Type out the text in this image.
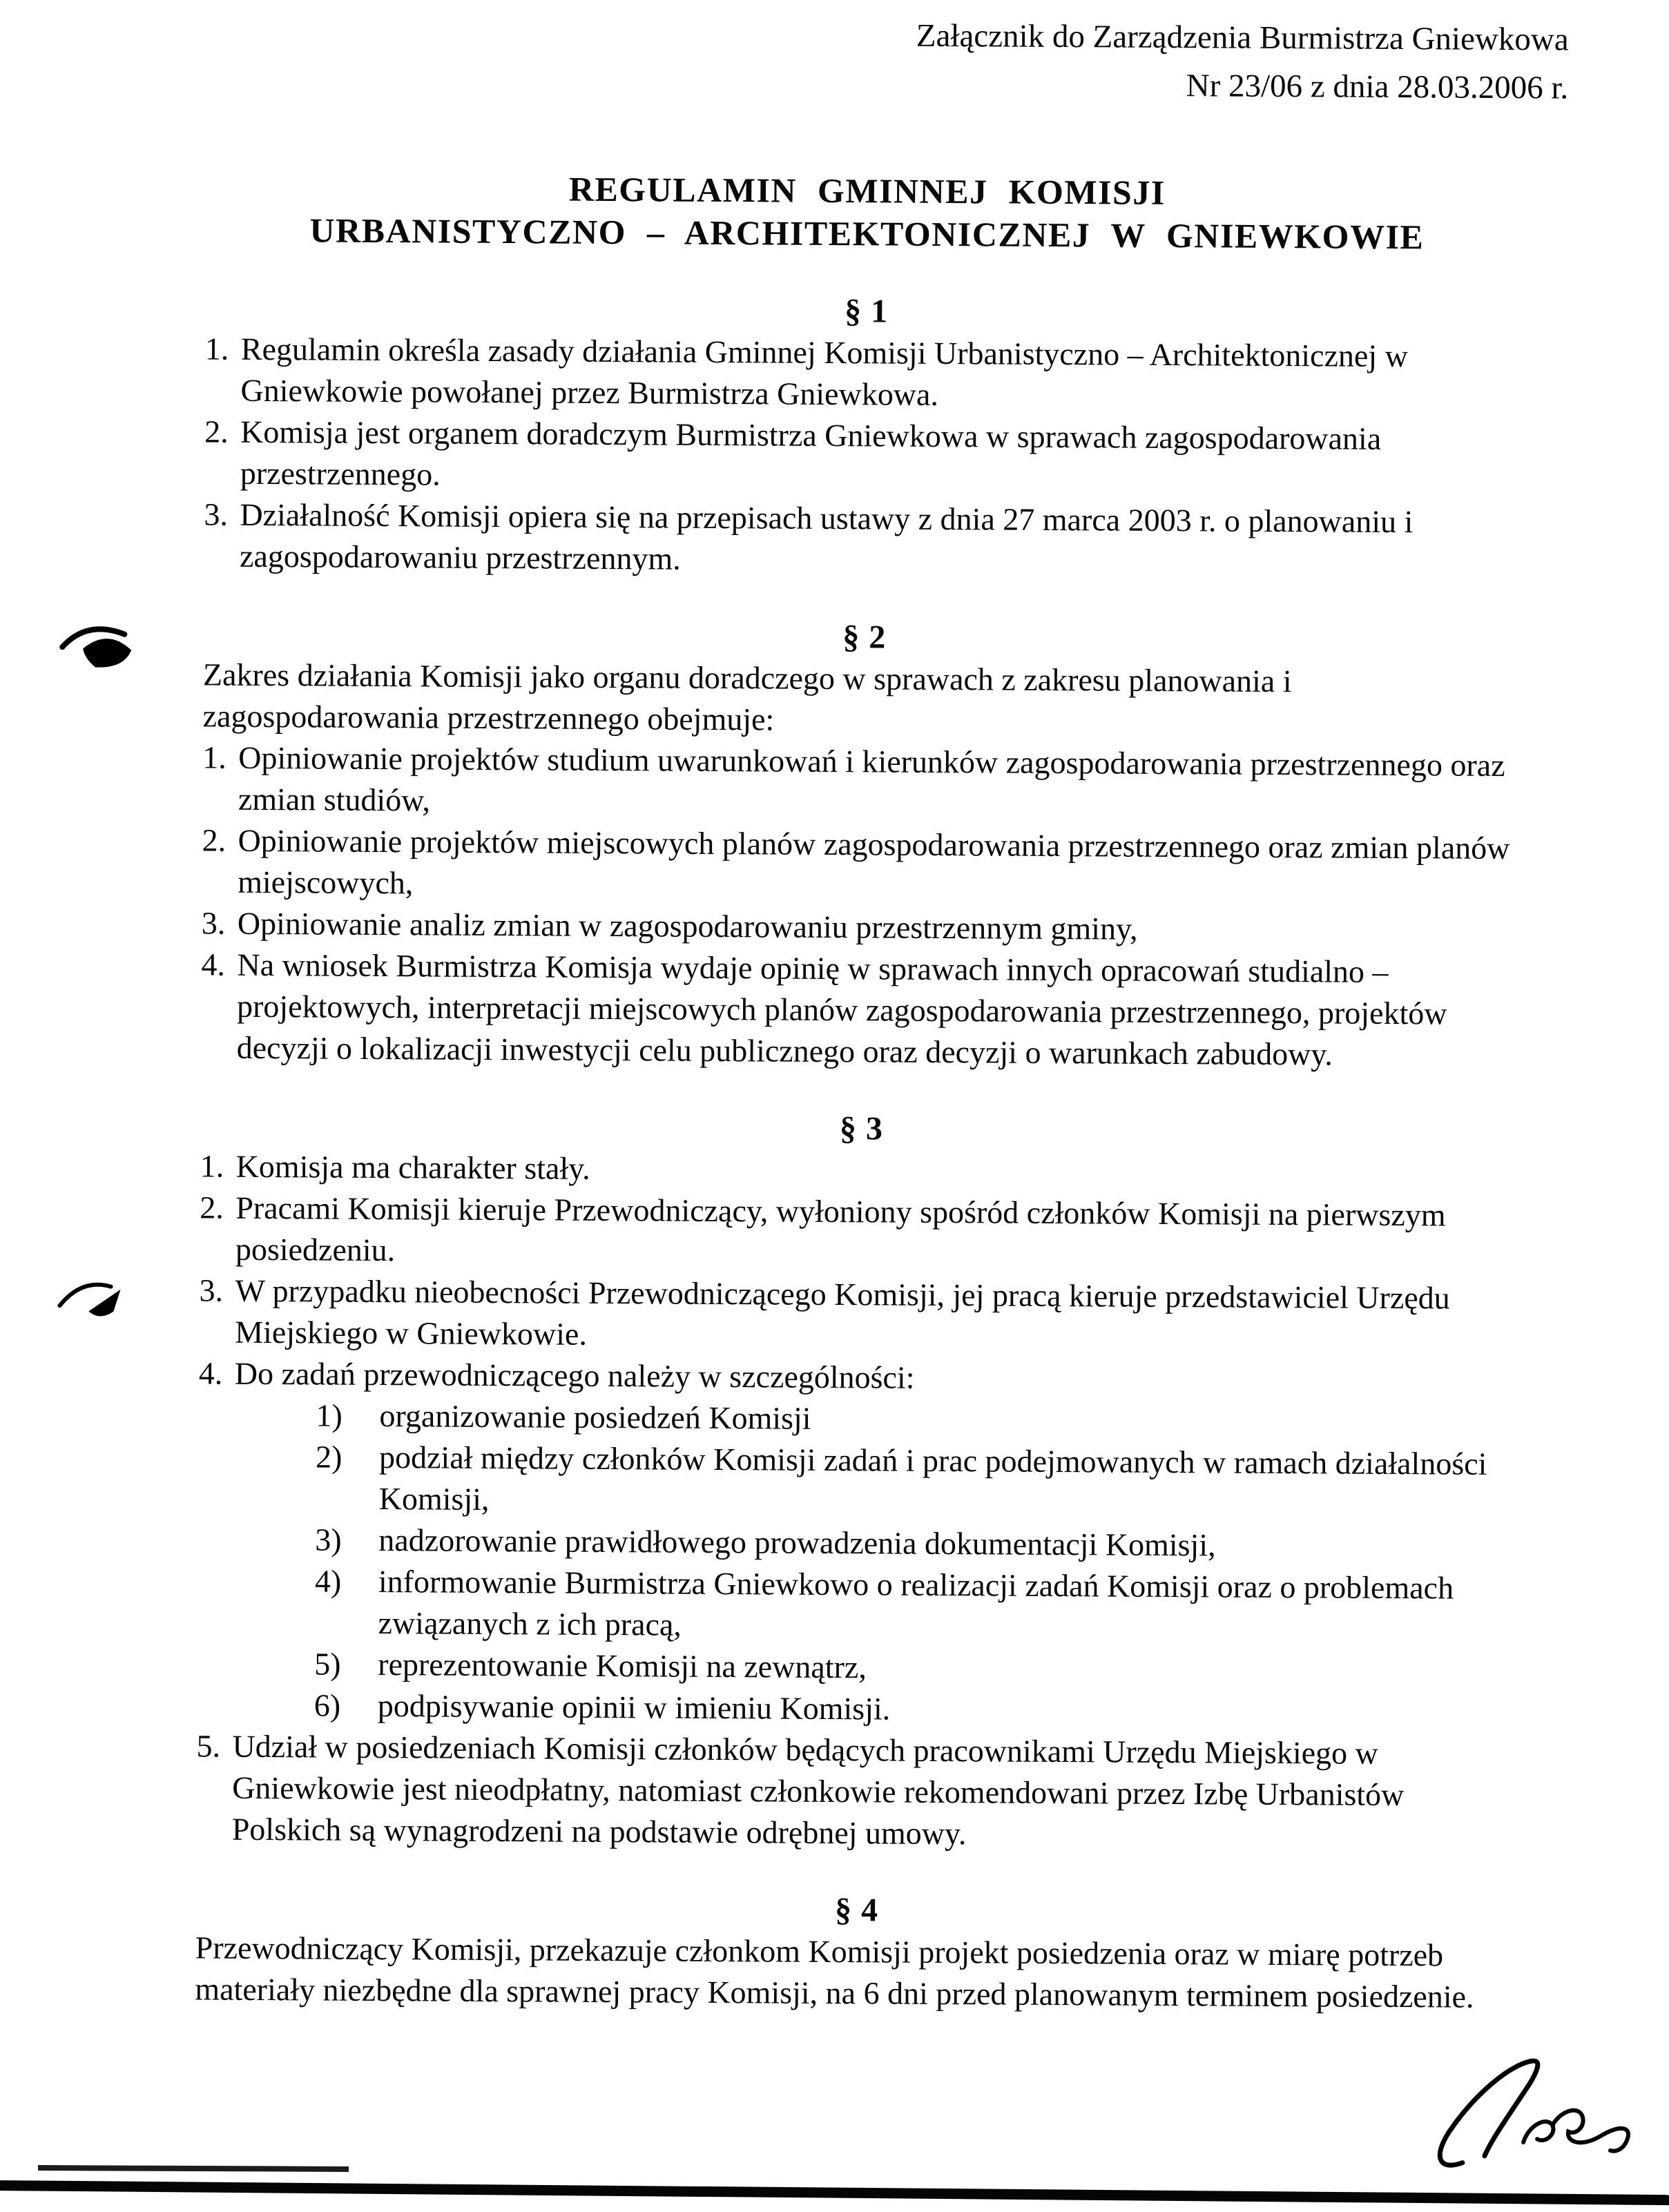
Załącznik do Zarządzenia Burmistrza Gniewkowa
Nr 23/06 z dnia 28.03.2006 r.
REGULAMIN GMINNEJ KOMISJI
URBANISTYCZNO – ARCHITEKTONICZNEJ W GNIEWKOWIE
§ 1
1. Regulamin określa zasady działania Gminnej Komisji Urbanistyczno – Architektonicznej w Gniewkowie powołanej przez Burmistrza Gniewkowa.
2. Komisja jest organem doradczym Burmistrza Gniewkowa w sprawach zagospodarowania przestrzennego.
3. Działalność Komisji opiera się na przepisach ustawy z dnia 27 marca 2003 r. o planowaniu i zagospodarowaniu przestrzennym.
§ 2
Zakres działania Komisji jako organu doradczego w sprawach z zakresu planowania i zagospodarowania przestrzennego obejmuje:
1. Opiniowanie projektów studium uwarunkowań i kierunków zagospodarowania przestrzennego oraz zmian studiów,
2. Opiniowanie projektów miejscowych planów zagospodarowania przestrzennego oraz zmian planów miejscowych,
3. Opiniowanie analiz zmian w zagospodarowaniu przestrzennym gminy,
4. Na wniosek Burmistrza Komisja wydaje opinię w sprawach innych opracowań studialno – projektowych, interpretacji miejscowych planów zagospodarowania przestrzennego, projektów decyzji o lokalizacji inwestycji celu publicznego oraz decyzji o warunkach zabudowy.
§ 3
1. Komisja ma charakter stały.
2. Pracami Komisji kieruje Przewodniczący, wyłoniony spośród członków Komisji na pierwszym posiedzeniu.
3. W przypadku nieobecności Przewodniczącego Komisji, jej pracą kieruje przedstawiciel Urzędu Miejskiego w Gniewkowie.
4. Do zadań przewodniczącego należy w szczególności:
1)	organizowanie posiedzeń Komisji
2)	podział między członków Komisji zadań i prac podejmowanych w ramach działalności Komisji,
3)	nadzorowanie prawidłowego prowadzenia dokumentacji Komisji,
4)	informowanie Burmistrza Gniewkowo o realizacji zadań Komisji oraz o problemach związanych z ich pracą,
5)	reprezentowanie Komisji na zewnątrz,
6)	podpisywanie opinii w imieniu Komisji.
5. Udział w posiedzeniach Komisji członków będących pracownikami Urzędu Miejskiego w Gniewkowie jest nieodpłatny, natomiast członkowie rekomendowani przez Izbę Urbanistów Polskich są wynagrodzeni na podstawie odrębnej umowy.
§ 4
Przewodniczący Komisji, przekazuje członkom Komisji projekt posiedzenia oraz w miarę potrzeb materiały niezbędne dla sprawnej pracy Komisji, na 6 dni przed planowanym terminem posiedzenie.
